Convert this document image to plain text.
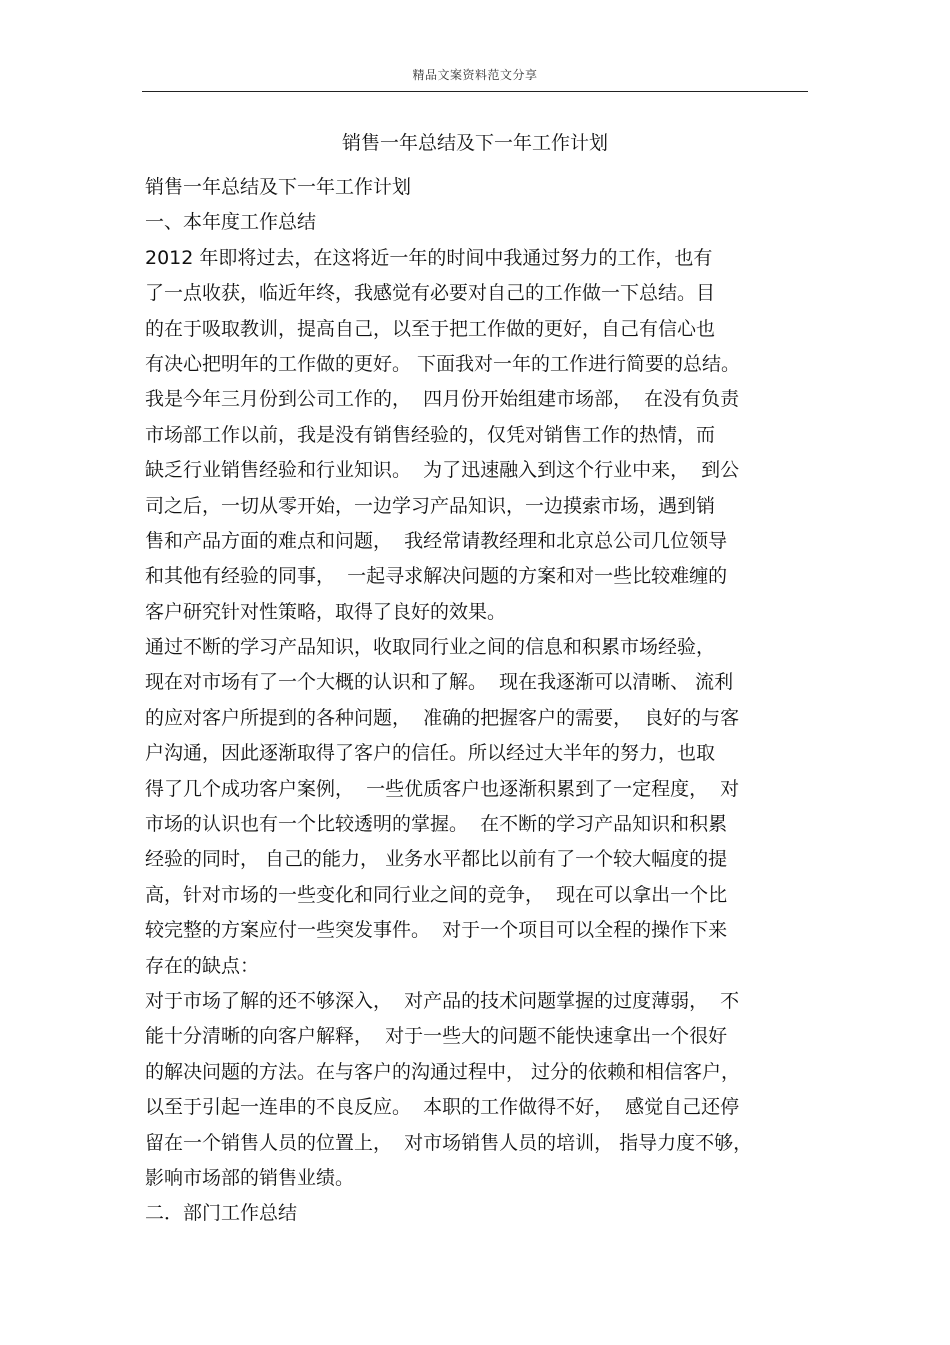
精品文案资料范文分享
销售一年总结及下一年工作计划
销售一年总结及下一年工作计划
一、本年度工作总结
2012 年即将过去，在这将近一年的时间中我通过努力的工作，也有
了一点收获，临近年终，我感觉有必要对自己的工作做一下总结。目
的在于吸取教训，提高自己，以至于把工作做的更好，自己有信心也
有决心把明年的工作做的更好。 下面我对一年的工作进行简要的总结。
我是今年三月份到公司工作的，  四月份开始组建市场部，  在没有负责
市场部工作以前，我是没有销售经验的，仅凭对销售工作的热情，而
缺乏行业销售经验和行业知识。  为了迅速融入到这个行业中来，  到公
司之后，一切从零开始，一边学习产品知识，一边摸索市场，遇到销
售和产品方面的难点和问题，  我经常请教经理和北京总公司几位领导
和其他有经验的同事，  一起寻求解决问题的方案和对一些比较难缠的
客户研究针对性策略，取得了良好的效果。
通过不断的学习产品知识，收取同行业之间的信息和积累市场经验，
现在对市场有了一个大概的认识和了解。  现在我逐渐可以清晰、 流利
的应对客户所提到的各种问题，  准确的把握客户的需要，  良好的与客
户沟通，因此逐渐取得了客户的信任。所以经过大半年的努力，也取
得了几个成功客户案例，  一些优质客户也逐渐积累到了一定程度，  对
市场的认识也有一个比较透明的掌握。  在不断的学习产品知识和积累
经验的同时， 自己的能力， 业务水平都比以前有了一个较大幅度的提
高，针对市场的一些变化和同行业之间的竞争，  现在可以拿出一个比
较完整的方案应付一些突发事件。  对于一个项目可以全程的操作下来
存在的缺点：
对于市场了解的还不够深入，  对产品的技术问题掌握的过度薄弱，  不
能十分清晰的向客户解释，  对于一些大的问题不能快速拿出一个很好
的解决问题的方法。在与客户的沟通过程中， 过分的依赖和相信客户，
以至于引起一连串的不良反应。  本职的工作做得不好，  感觉自己还停
留在一个销售人员的位置上，  对市场销售人员的培训， 指导力度不够，
影响市场部的销售业绩。
二．部门工作总结
